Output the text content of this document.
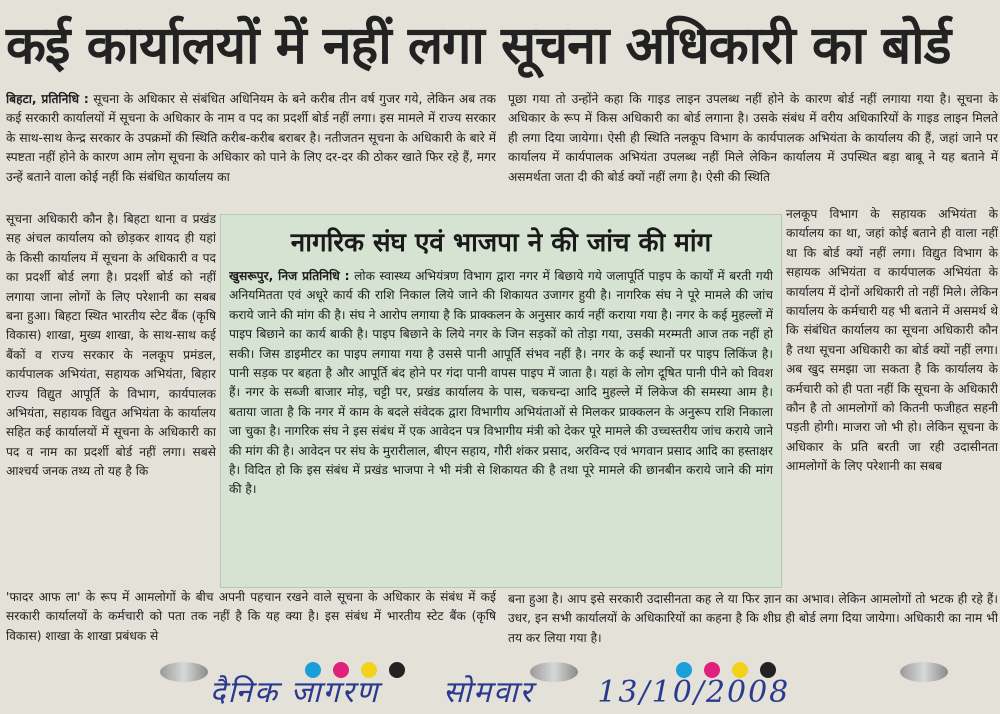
कई कार्यालयों में नहीं लगा सूचना अधिकारी का बोर्ड

बिहटा, प्रतिनिधि : सूचना के अधिकार से संबंधित अधिनियम के बने करीब तीन वर्ष गुजर गये, लेकिन अब तक कई सरकारी कार्यालयों में सूचना के अधिकार के नाम व पद का प्रदर्शी बोर्ड नहीं लगा। इस मामले में राज्य सरकार के साथ-साथ केन्द्र सरकार के उपक्रमों की स्थिति करीब-करीब बराबर है। नतीजतन सूचना के अधिकारी के बारे में स्पष्टता नहीं होने के कारण आम लोग सूचना के अधिकार को पाने के लिए दर-दर की ठोकर खाते फिर रहे हैं, मगर उन्हें बताने वाला कोई नहीं कि संबंधित कार्यालय का

सूचना अधिकारी कौन है। बिहटा थाना व प्रखंड सह अंचल कार्यालय को छोड़कर शायद ही यहां के किसी कार्यालय में सूचना के अधिकारी व पद का प्रदर्शी बोर्ड लगा है। प्रदर्शी बोर्ड को नहीं लगाया जाना लोगों के लिए परेशानी का सबब बना हुआ। बिहटा स्थित भारतीय स्टेट बैंक (कृषि विकास) शाखा, मुख्य शाखा, के साथ-साथ कई बैंकों व राज्य सरकार के नलकूप प्रमंडल, कार्यपालक अभियंता, सहायक अभियंता, बिहार राज्य विद्युत आपूर्ति के विभाग, कार्यपालक अभियंता, सहायक विद्युत अभियंता के कार्यालय सहित कई कार्यालयों में सूचना के अधिकारी का पद व नाम का प्रदर्शी बोर्ड नहीं लगा। सबसे आश्चर्य जनक तथ्य तो यह है कि

'फादर आफ ला' के रूप में आमलोगों के बीच अपनी पहचान रखने वाले सूचना के अधिकार के संबंध में कई सरकारी कार्यालयों के कर्मचारी को पता तक नहीं है कि यह क्या है। इस संबंध में भारतीय स्टेट बैंक (कृषि विकास) शाखा के शाखा प्रबंधक से

पूछा गया तो उन्होंने कहा कि गाइड लाइन उपलब्ध नहीं होने के कारण बोर्ड नहीं लगाया गया है। सूचना के अधिकार के रूप में किस अधिकारी का बोर्ड लगाना है। उसके संबंध में वरीय अधिकारियों के गाइड लाइन मिलते ही लगा दिया जायेगा। ऐसी ही स्थिति नलकूप विभाग के कार्यपालक अभियंता के कार्यालय की हैं, जहां जाने पर कार्यालय में कार्यपालक अभियंता उपलब्ध नहीं मिले लेकिन कार्यालय में उपस्थित बड़ा बाबू ने यह बताने में असमर्थता जता दी की बोर्ड क्यों नहीं लगा है। ऐसी की स्थिति

नलकूप विभाग के सहायक अभियंता के कार्यालय का था, जहां कोई बताने ही वाला नहीं था कि बोर्ड क्यों नहीं लगा। विद्युत विभाग के सहायक अभियंता व कार्यपालक अभियंता के कार्यालय में दोनों अधिकारी तो नहीं मिले। लेकिन कार्यालय के कर्मचारी यह भी बताने में असमर्थ थे कि संबंधित कार्यालय का सूचना अधिकारी कौन है तथा सूचना अधिकारी का बोर्ड क्यों नहीं लगा। अब खुद समझा जा सकता है कि कार्यालय के कर्मचारी को ही पता नहीं कि सूचना के अधिकारी कौन है तो आमलोगों को कितनी फजीहत सहनी पड़ती होगी। माजरा जो भी हो। लेकिन सूचना के अधिकार के प्रति बरती जा रही उदासीनता आमलोगों के लिए परेशानी का सबब

बना हुआ है। आप इसे सरकारी उदासीनता कह ले या फिर ज्ञान का अभाव। लेकिन आमलोगों तो भटक ही रहे हैं। उधर, इन सभी कार्यालयों के अधिकारियों का कहना है कि शीघ्र ही बोर्ड लगा दिया जायेगा। अधिकारी का नाम भी तय कर लिया गया है।

नागरिक संघ एवं भाजपा ने की जांच की मांग
खुसरूपुर, निज प्रतिनिधि : लोक स्वास्थ्य अभियंत्रण विभाग द्वारा नगर में बिछाये गये जलापूर्ति पाइप के कार्यों में बरती गयी अनियमितता एवं अधूरे कार्य की राशि निकाल लिये जाने की शिकायत उजागर हुयी है। नागरिक संघ ने पूरे मामले की जांच कराये जाने की मांग की है। संघ ने आरोप लगाया है कि प्राक्कलन के अनुसार कार्य नहीं कराया गया है। नगर के कई मुहल्लों में पाइप बिछाने का कार्य बाकी है। पाइप बिछाने के लिये नगर के जिन सड़कों को तोड़ा गया, उसकी मरम्मती आज तक नहीं हो सकी। जिस डाइमीटर का पाइप लगाया गया है उससे पानी आपूर्ति संभव नहीं है। नगर के कई स्थानों पर पाइप लिकिंज है। पानी सड़क पर बहता है और आपूर्ति बंद होने पर गंदा पानी वापस पाइप में जाता है। यहां के लोग दूषित पानी पीने को विवश हैं। नगर के सब्जी बाजार मोड़, चट्टी पर, प्रखंड कार्यालय के पास, चकचन्दा आदि मुहल्ले में लिकेज की समस्या आम है। बताया जाता है कि नगर में काम के बदले संवेदक द्वारा विभागीय अभियंताओं से मिलकर प्राक्कलन के अनुरूप राशि निकाला जा चुका है। नागरिक संघ ने इस संबंध में एक आवेदन पत्र विभागीय मंत्री को देकर पूरे मामले की उच्चस्तरीय जांच कराये जाने की मांग की है। आवेदन पर संघ के मुरारीलाल, बीएन सहाय, गौरी शंकर प्रसाद, अरविन्द एवं भगवान प्रसाद आदि का हस्ताक्षर है। विदित हो कि इस संबंध में प्रखंड भाजपा ने भी मंत्री से शिकायत की है तथा पूरे मामले की छानबीन कराये जाने की मांग की है।
दैनिक जागरण सोमवार 13/10/2008
